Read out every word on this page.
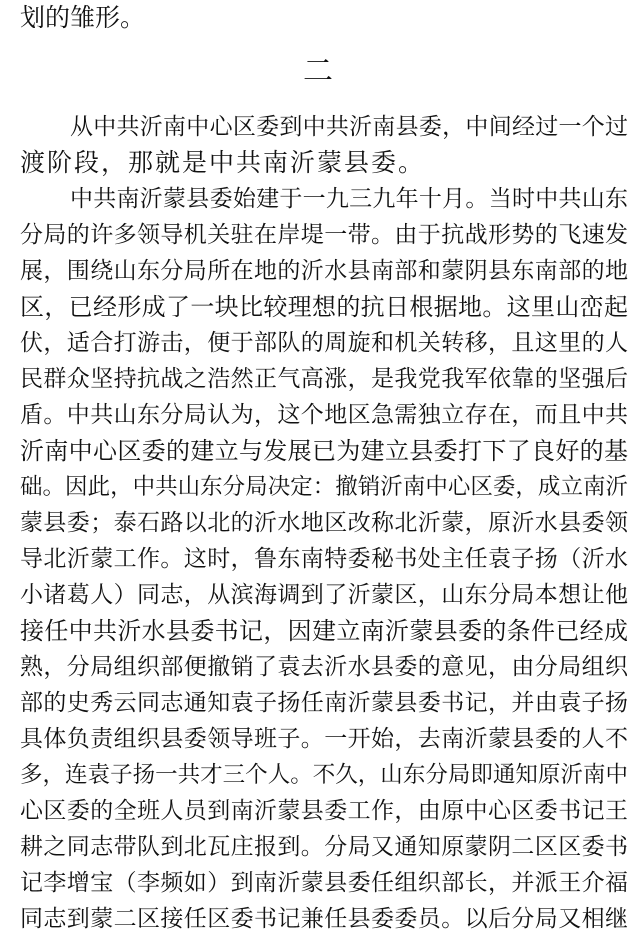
划的雏形。
二
从中共沂南中心区委到中共沂南县委，中间经过一个过
渡阶段，那就是中共南沂蒙县委。
中共南沂蒙县委始建于一九三九年十月。当时中共山东
分局的许多领导机关驻在岸堤一带。由于抗战形势的飞速发
展，围绕山东分局所在地的沂水县南部和蒙阴县东南部的地
区，已经形成了一块比较理想的抗日根据地。这里山峦起
伏，适合打游击，便于部队的周旋和机关转移，且这里的人
民群众坚持抗战之浩然正气高涨，是我党我军依靠的坚强后
盾。中共山东分局认为，这个地区急需独立存在，而且中共
沂南中心区委的建立与发展已为建立县委打下了良好的基
础。因此，中共山东分局决定：撤销沂南中心区委，成立南沂
蒙县委；泰石路以北的沂水地区改称北沂蒙，原沂水县委领
导北沂蒙工作。这时，鲁东南特委秘书处主任袁子扬（沂水
小诸葛人）同志，从滨海调到了沂蒙区，山东分局本想让他
接任中共沂水县委书记，因建立南沂蒙县委的条件已经成
熟，分局组织部便撤销了袁去沂水县委的意见，由分局组织
部的史秀云同志通知袁子扬任南沂蒙县委书记，并由袁子扬
具体负责组织县委领导班子。一开始，去南沂蒙县委的人不
多，连袁子扬一共才三个人。不久，山东分局即通知原沂南中
心区委的全班人员到南沂蒙县委工作，由原中心区委书记王
耕之同志带队到北瓦庄报到。分局又通知原蒙阴二区区委书
记李增宝（李频如）到南沂蒙县委任组织部长，并派王介福
同志到蒙二区接任区委书记兼任县委委员。以后分局又相继
